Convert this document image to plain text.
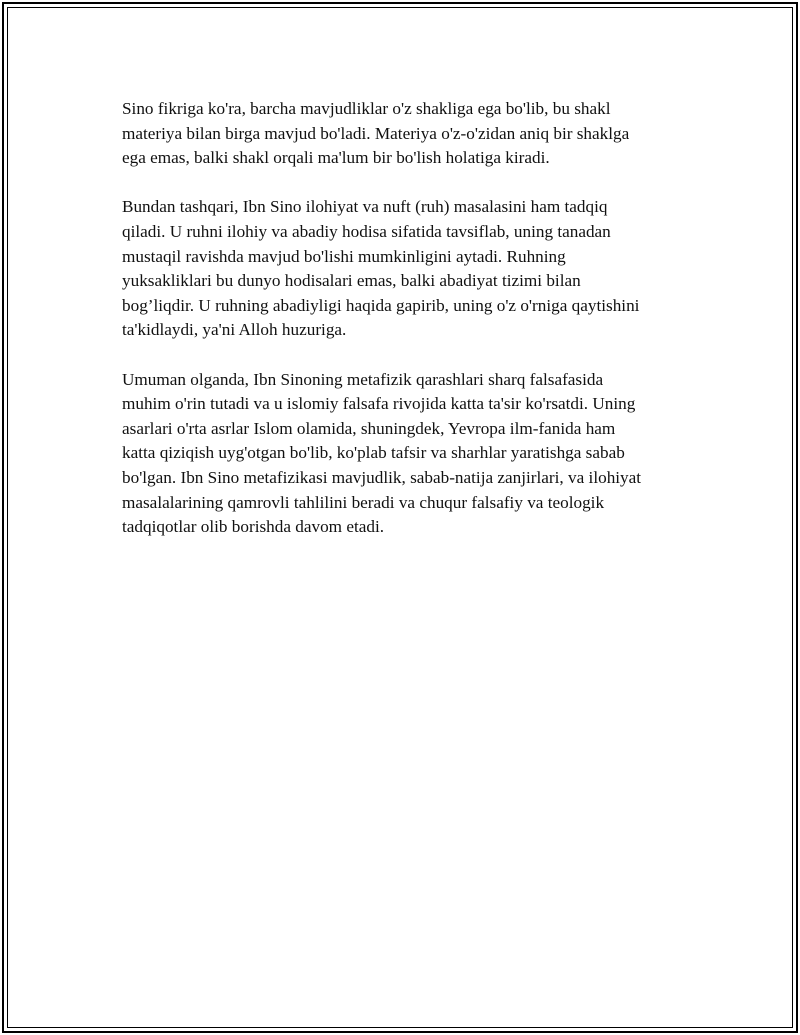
Sino fikriga ko'ra, barcha mavjudliklar o'z shakliga ega bo'lib, bu shakl
materiya bilan birga mavjud bo'ladi. Materiya o'z-o'zidan aniq bir shaklga
ega emas, balki shakl orqali ma'lum bir bo'lish holatiga kiradi.

Bundan tashqari, Ibn Sino ilohiyat va nuft (ruh) masalasini ham tadqiq
qiladi. U ruhni ilohiy va abadiy hodisa sifatida tavsiflab, uning tanadan
mustaqil ravishda mavjud bo'lishi mumkinligini aytadi. Ruhning
yuksakliklari bu dunyo hodisalari emas, balki abadiyat tizimi bilan
bog’liqdir. U ruhning abadiyligi haqida gapirib, uning o'z o'rniga qaytishini
ta'kidlaydi, ya'ni Alloh huzuriga.

Umuman olganda, Ibn Sinoning metafizik qarashlari sharq falsafasida
muhim o'rin tutadi va u islomiy falsafa rivojida katta ta'sir ko'rsatdi. Uning
asarlari o'rta asrlar Islom olamida, shuningdek, Yevropa ilm-fanida ham
katta qiziqish uyg'otgan bo'lib, ko'plab tafsir va sharhlar yaratishga sabab
bo'lgan. Ibn Sino metafizikasi mavjudlik, sabab-natija zanjirlari, va ilohiyat
masalalarining qamrovli tahlilini beradi va chuqur falsafiy va teologik
tadqiqotlar olib borishda davom etadi.
